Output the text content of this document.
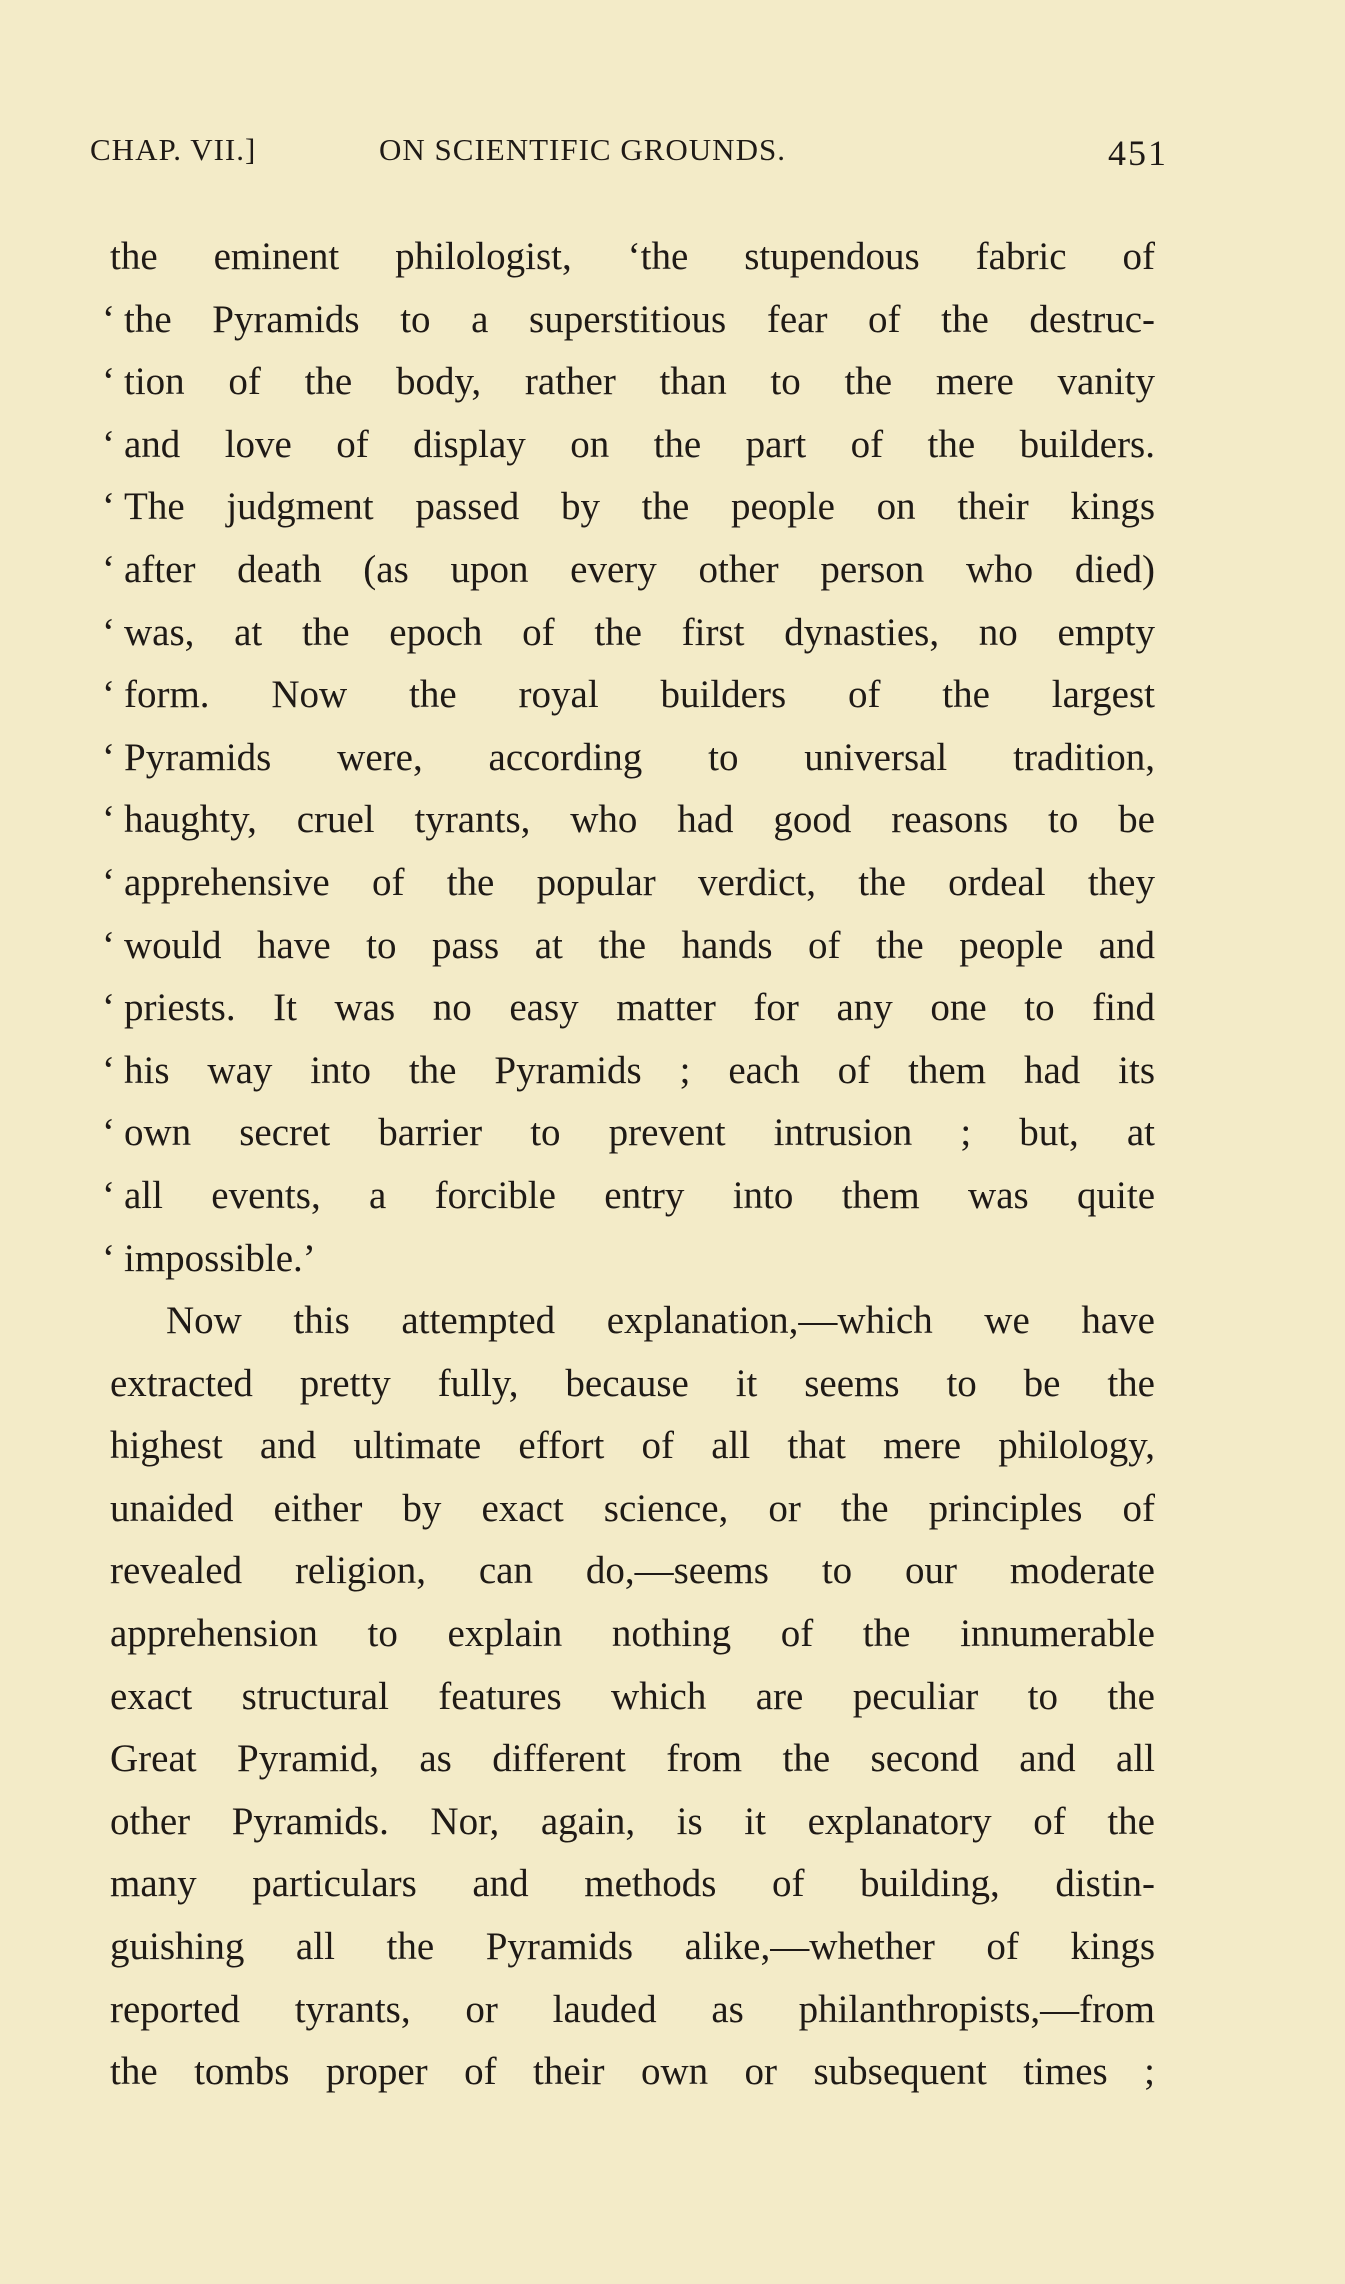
CHAP. VII.]	ON SCIENTIFIC GROUNDS.	451
the eminent philologist, ‘the stupendous fabric of
‘ the Pyramids to a superstitious fear of the destruc-
‘ tion of the body, rather than to the mere vanity
‘ and love of display on the part of the builders.
‘ The judgment passed by the people on their kings
‘ after death (as upon every other person who died)
‘ was, at the epoch of the first dynasties, no empty
‘ form. Now the royal builders of the largest
‘ Pyramids were, according to universal tradition,
‘ haughty, cruel tyrants, who had good reasons to be
‘ apprehensive of the popular verdict, the ordeal they
‘ would have to pass at the hands of the people and
‘ priests. It was no easy matter for any one to find
‘ his way into the Pyramids ; each of them had its
‘ own secret barrier to prevent intrusion ; but, at
‘ all events, a forcible entry into them was quite
‘ impossible.’
Now this attempted explanation,—which we have
extracted pretty fully, because it seems to be the
highest and ultimate effort of all that mere philology,
unaided either by exact science, or the principles of
revealed religion, can do,—seems to our moderate
apprehension to explain nothing of the innumerable
exact structural features which are peculiar to the
Great Pyramid, as different from the second and all
other Pyramids. Nor, again, is it explanatory of the
many particulars and methods of building, distin-
guishing all the Pyramids alike,—whether of kings
reported tyrants, or lauded as philanthropists,—from
the tombs proper of their own or subsequent times ;
